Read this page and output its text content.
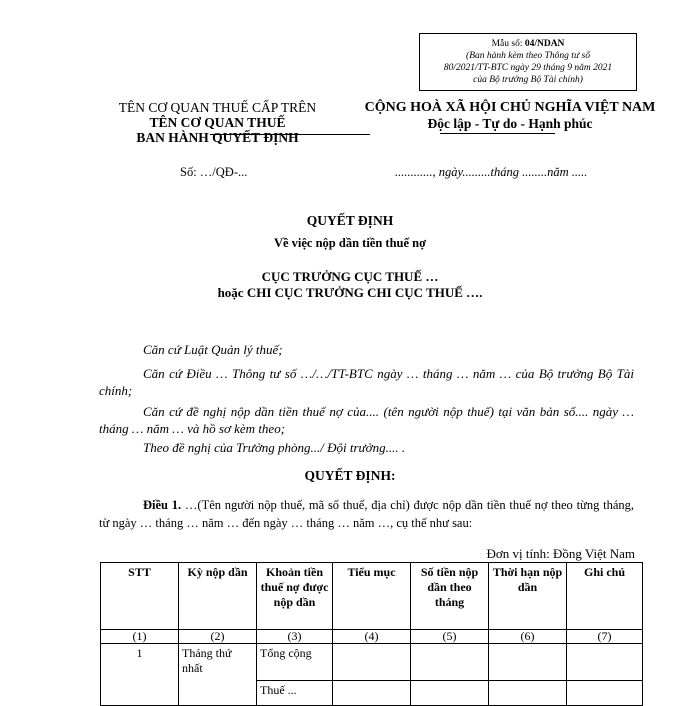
Mẫu số: 04/NDAN
(Ban hành kèm theo Thông tư số
80/2021/TT-BTC ngày 29 tháng 9 năm 2021
của Bộ trưởng Bộ Tài chính)
TÊN CƠ QUAN THUẾ CẤP TRÊN
TÊN CƠ QUAN THUẾ
BAN HÀNH QUYẾT ĐỊNH
CỘNG HOÀ XÃ HỘI CHỦ NGHĨA VIỆT NAM
Độc lập - Tự do - Hạnh phúc
Số: …/QĐ-...	............, ngày.........tháng ........năm .....
QUYẾT ĐỊNH
Về việc nộp dần tiền thuế nợ
CỤC TRƯỞNG CỤC THUẾ …
hoặc CHI CỤC TRƯỞNG CHI CỤC THUẾ ….

Căn cứ Luật Quản lý thuế;

Căn cứ Điều … Thông tư số …/…/TT-BTC ngày … tháng … năm … của Bộ trưởng Bộ Tài chính;

Căn cứ đề nghị nộp dần tiền thuế nợ của.... (tên người nộp thuế) tại văn bản số.... ngày … tháng … năm … và hồ sơ kèm theo;

Theo đề nghị của Trưởng phòng.../ Đội trưởng.... .

QUYẾT ĐỊNH:

Điều 1. …(Tên người nộp thuế, mã số thuế, địa chỉ) được nộp dần tiền thuế nợ theo từng tháng, từ ngày … tháng … năm … đến ngày … tháng … năm …, cụ thể như sau:

Đơn vị tính: Đồng Việt Nam
STT	Kỳ nộp dần	Khoản tiền thuế nợ được nộp dần	Tiểu mục	Số tiền nộp dần theo tháng	Thời hạn nộp dần	Ghi chú
(1)	(2)	(3)	(4)	(5)	(6)	(7)
1	Tháng thứ nhất	Tổng cộng				
		Thuế ...				
